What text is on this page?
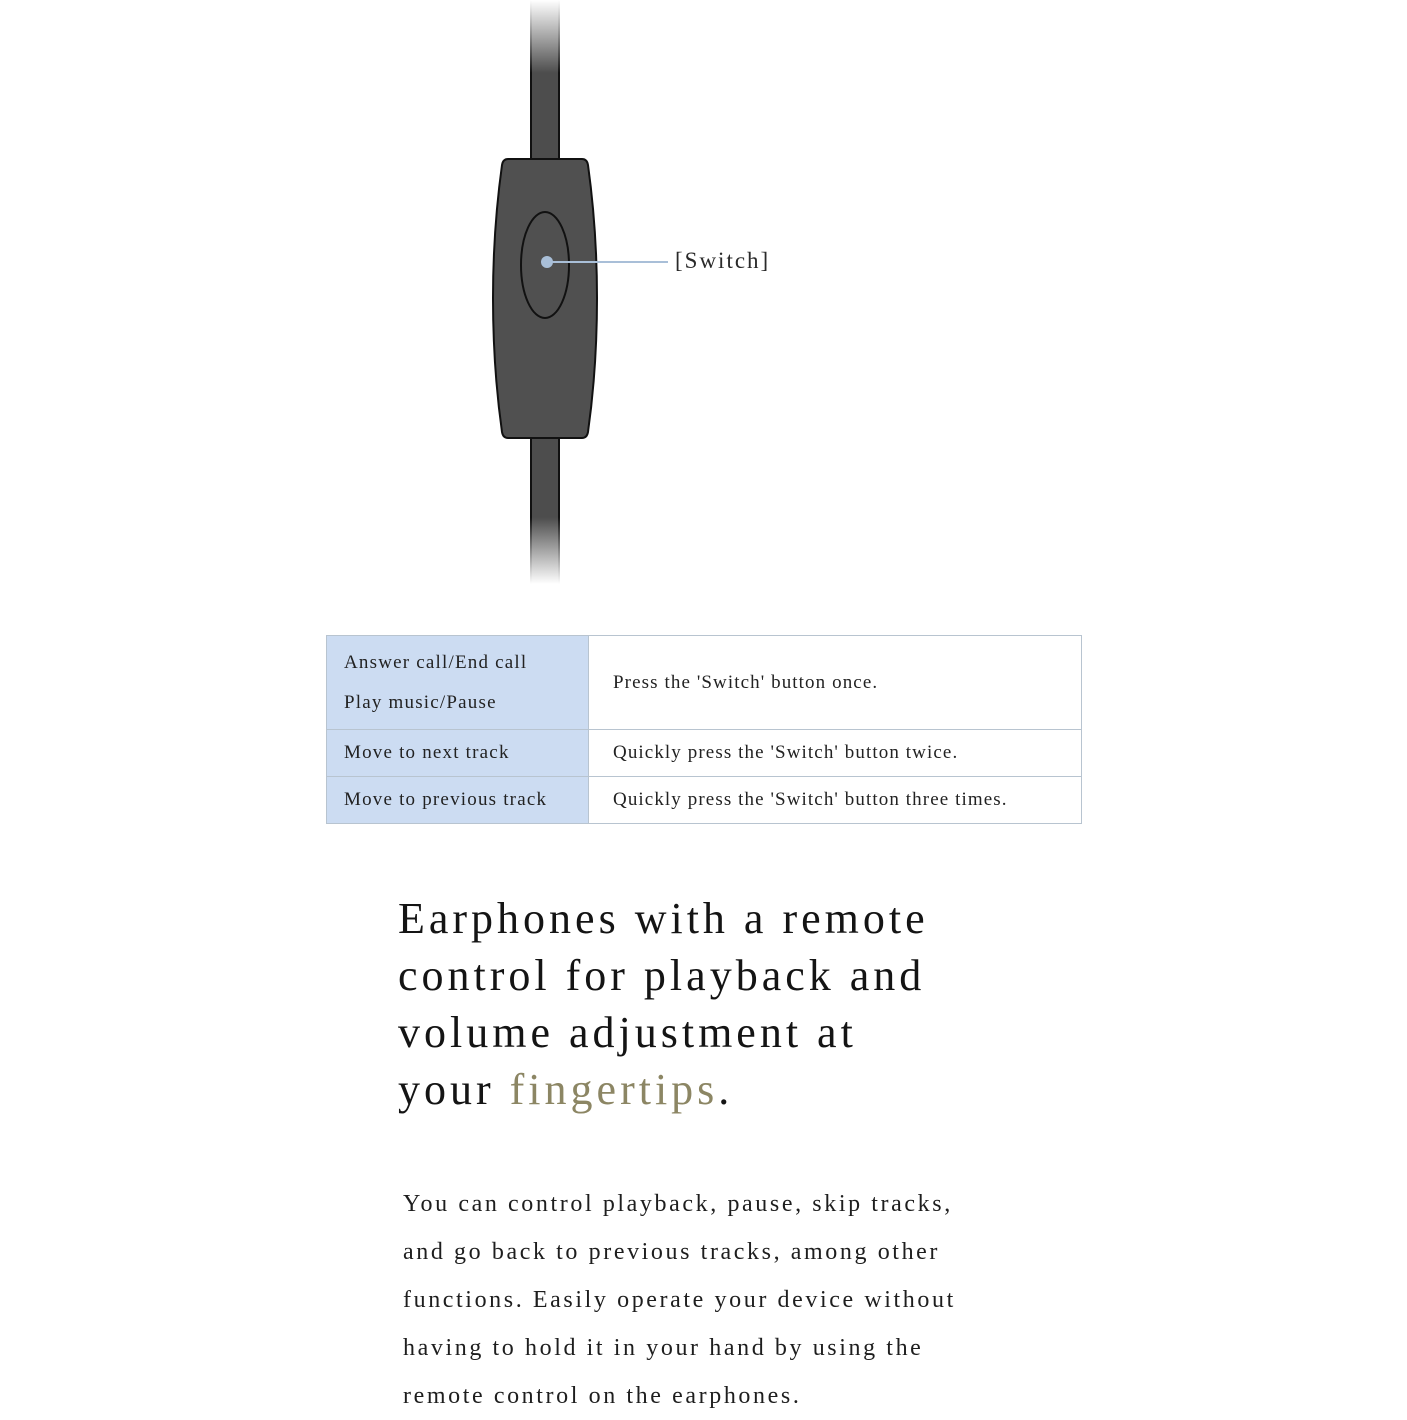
[Switch]
Answer call/End call
Play music/Pause
Press the 'Switch' button once.
Move to next track	Quickly press the 'Switch' button twice.
Move to previous track	Quickly press the 'Switch' button three times.
Earphones with a remote
control for playback and
volume adjustment at
your fingertips.
You can control playback, pause, skip tracks,
and go back to previous tracks, among other
functions. Easily operate your device without
having to hold it in your hand by using the
remote control on the earphones.
